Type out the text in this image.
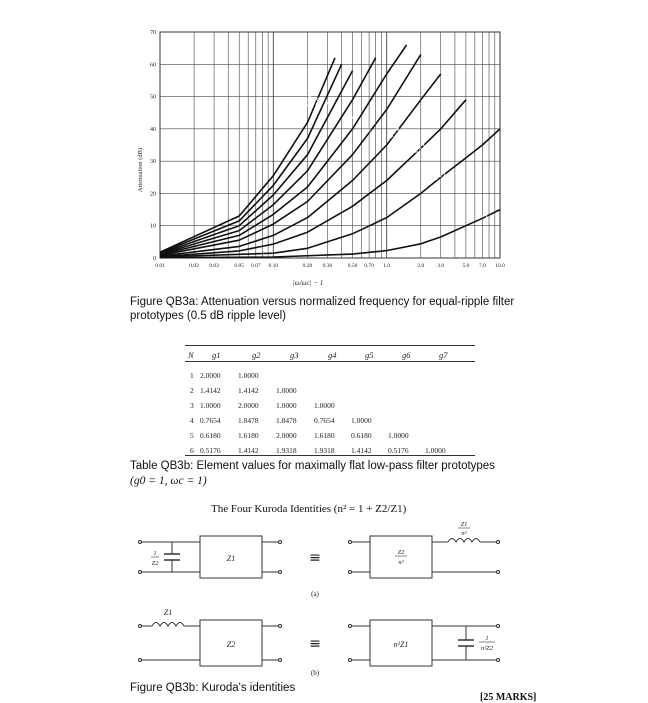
0
10
20
30
40
50
60
70
0.01	0.02 0.03	0.05 0.07 0.10	0.20 0.30	0.50 0.70 1.0	2.0 3.0	5.0 7.0 10.0
n = 1
n = 2
n = 3
n = 4
n = 5
n = 6
n = 7
n = 8
n = 9
n = 10
Attenuation (dB)
|ω/ωc| − 1
Figure QB3a: Attenuation versus normalized frequency for equal-ripple filter prototypes (0.5 dB ripple level)
N g1	g2	g3	g4	g5	g6	g7
1 2.0000 1.0000
2 1.4142 1.4142 1.0000
3 1.0000 2.0000 1.0000 1.0000
4 0.7654 1.8478 1.8478 0.7654 1.0000
5 0.6180 1.6180 2.0000 1.6180 0.6180 1.0000
6 0.5176 1.4142 1.9318 1.9318 1.4142 0.5176 1.0000
Table QB3b: Element values for maximally flat low-pass filter prototypes
(g0 = 1, ωc = 1)
The Four Kuroda Identities (n² = 1 + Z2/Z1)
1
Z2
Z1	≡	Z2
n²
Z1
n²
(a)
Z1
Z2	≡	n²Z1
1
n²Z2
(b)
Figure QB3b: Kuroda's identities
[25 MARKS]
